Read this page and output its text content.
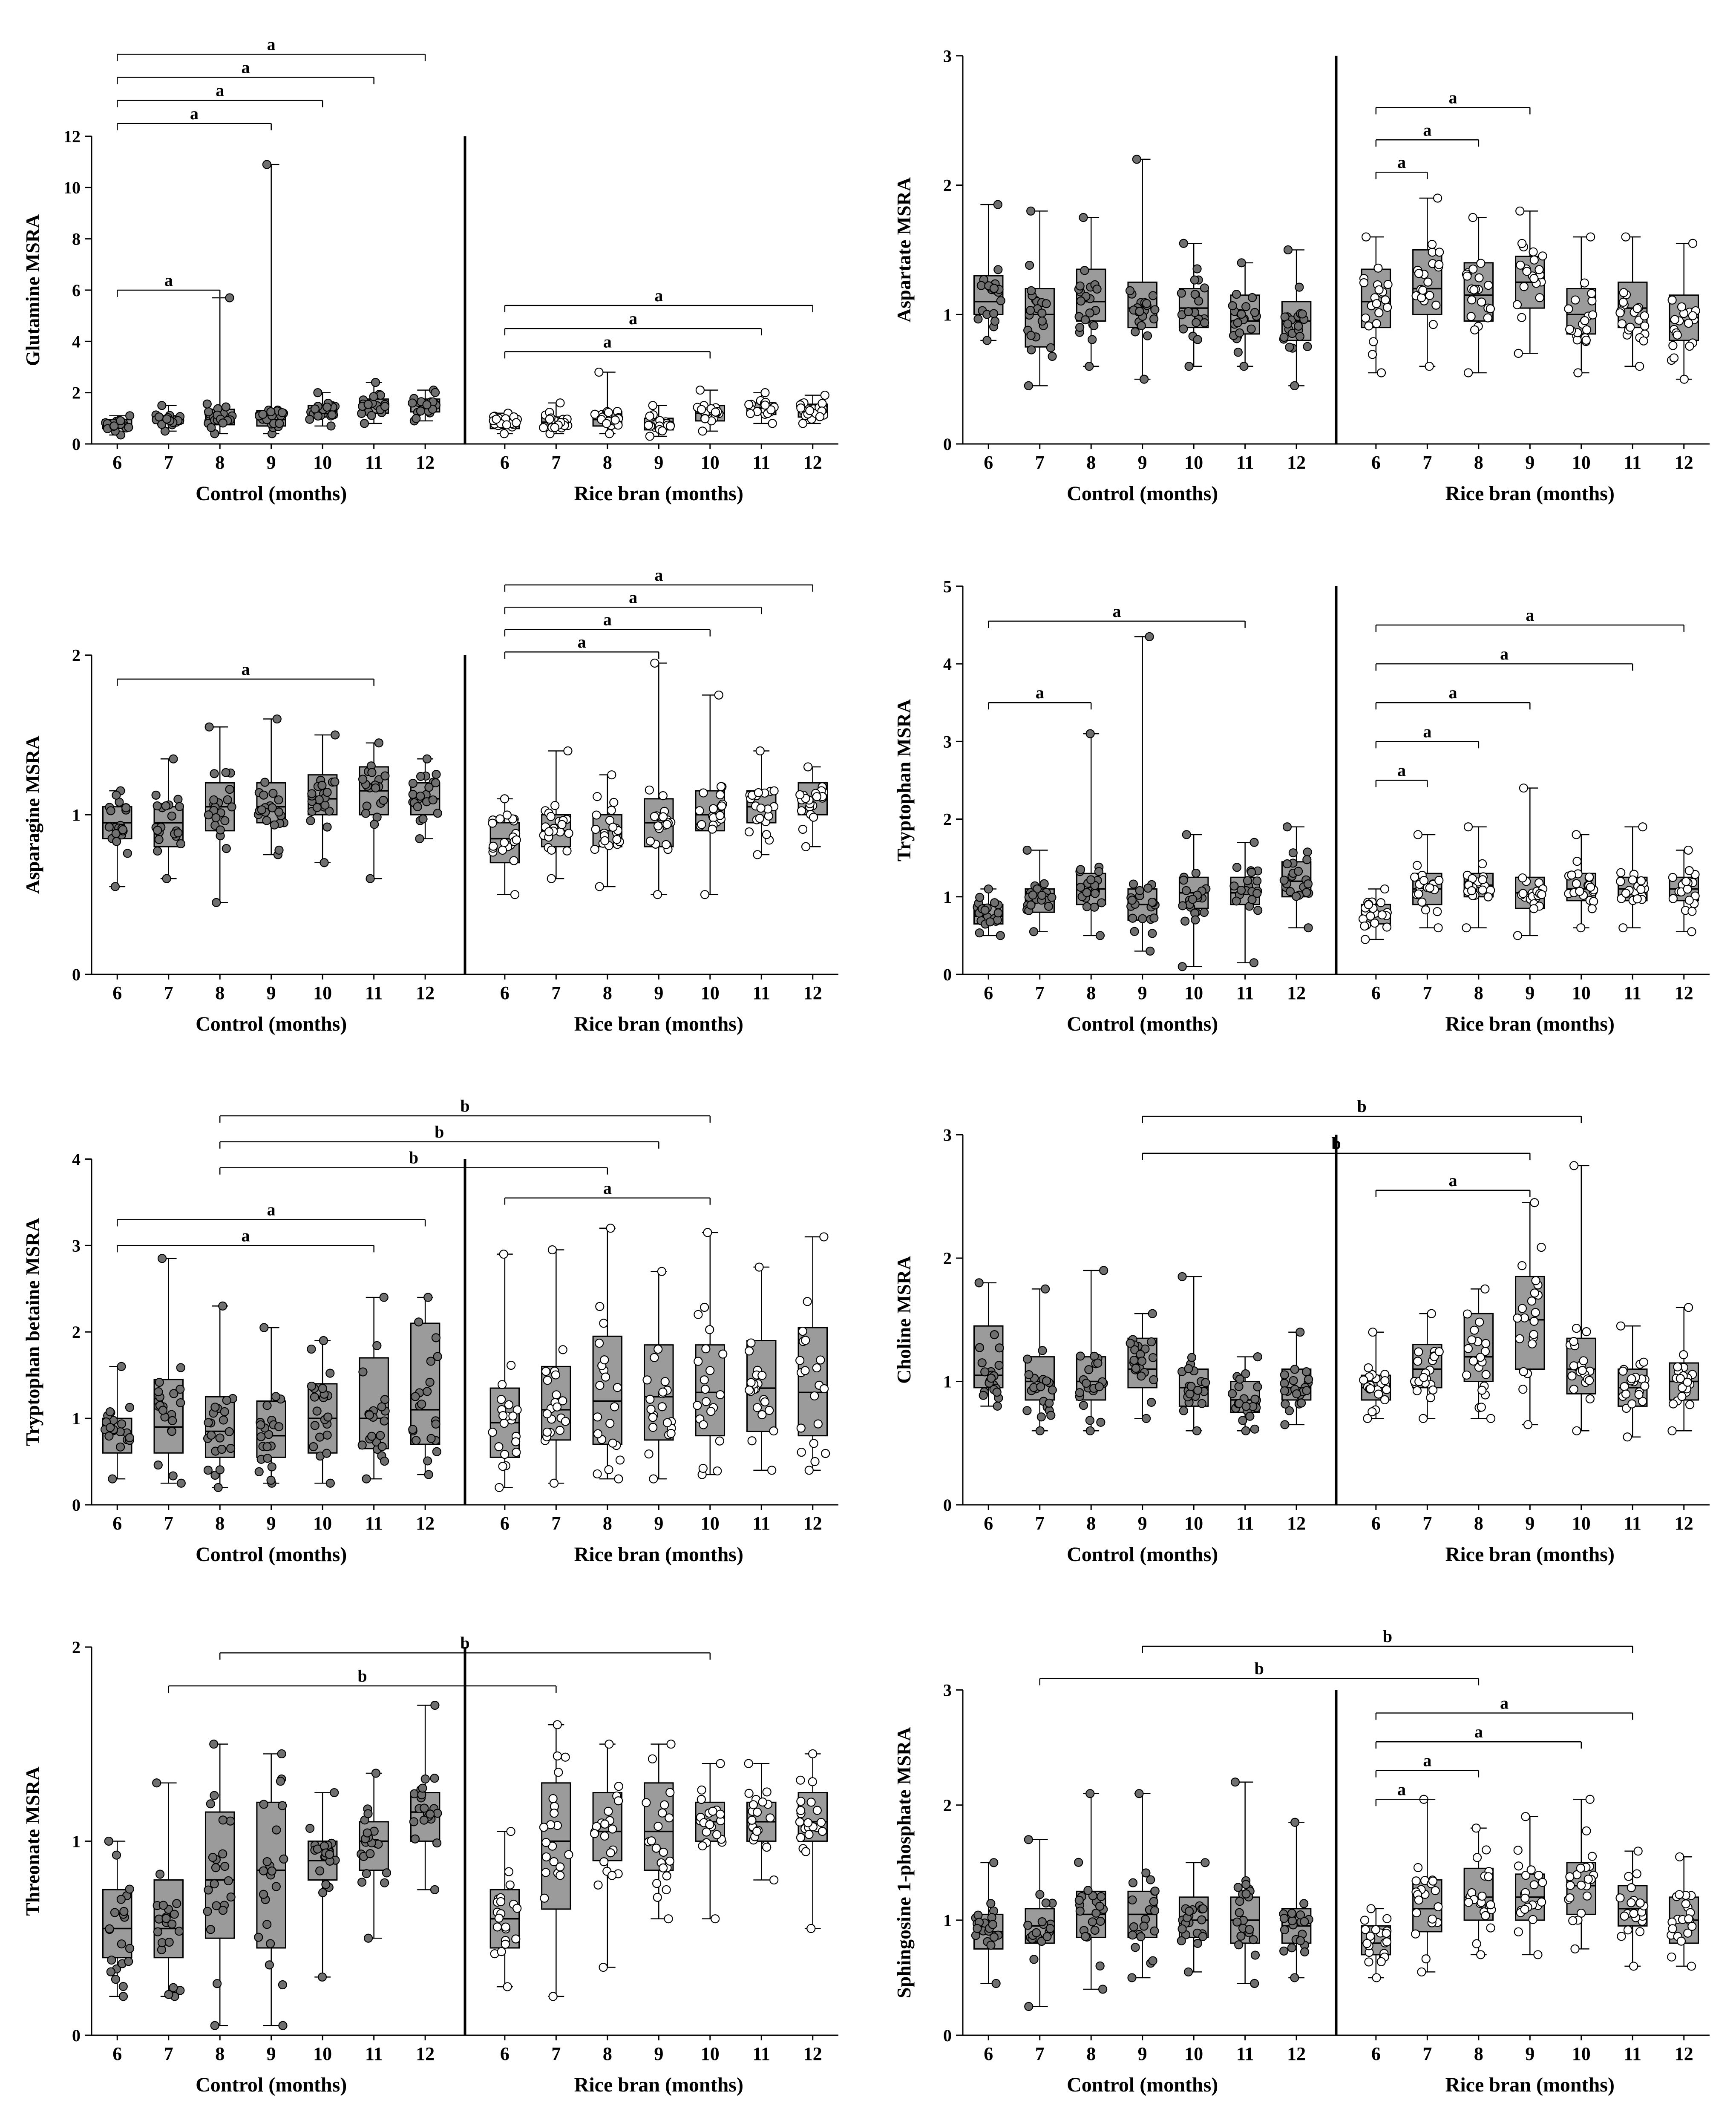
0
2
4
6
8
10
12
Glutamine MSRA
6 7 8 9 10 11 12	6 7 8 9 10 11 12
Control (months)	Rice bran (months)
a
a
a
a
a
a
a
a
0
1
2
3
Aspartate MSRA
6 7 8 9 10 11 12	6 7 8 9 10 11 12
Control (months)	Rice bran (months)
a
a
a
0
1
2
Asparagine MSRA
6 7 8 9 10 11 12	6 7 8 9 10 11 12
Control (months)	Rice bran (months)
a
a
a
a
a
0
1
2
3
4
5
Tryptophan MSRA
6 7 8 9 10 11 12	6 7 8 9 10 11 12
Control (months)	Rice bran (months)
a
a
a
a
a
a
a
0
1
2
3
4
Tryptophan betaine MSRA
6 7 8 9 10 11 12	6 7 8 9 10 11 12
Control (months)	Rice bran (months)
a
a
a
b
b
b
0
1
2
3
Choline MSRA
6 7 8 9 10 11 12	6 7 8 9 10 11 12
Control (months)	Rice bran (months)
a
b
b
0
1
2
Threonate MSRA
6 7 8 9 10 11 12	6 7 8 9 10 11 12
Control (months)	Rice bran (months)
b
b
0
1
2
3
Sphingosine 1-phosphate MSRA
6 7 8 9 10 11 12	6 7 8 9 10 11 12
Control (months)	Rice bran (months)
a
a
a
a
b
b
